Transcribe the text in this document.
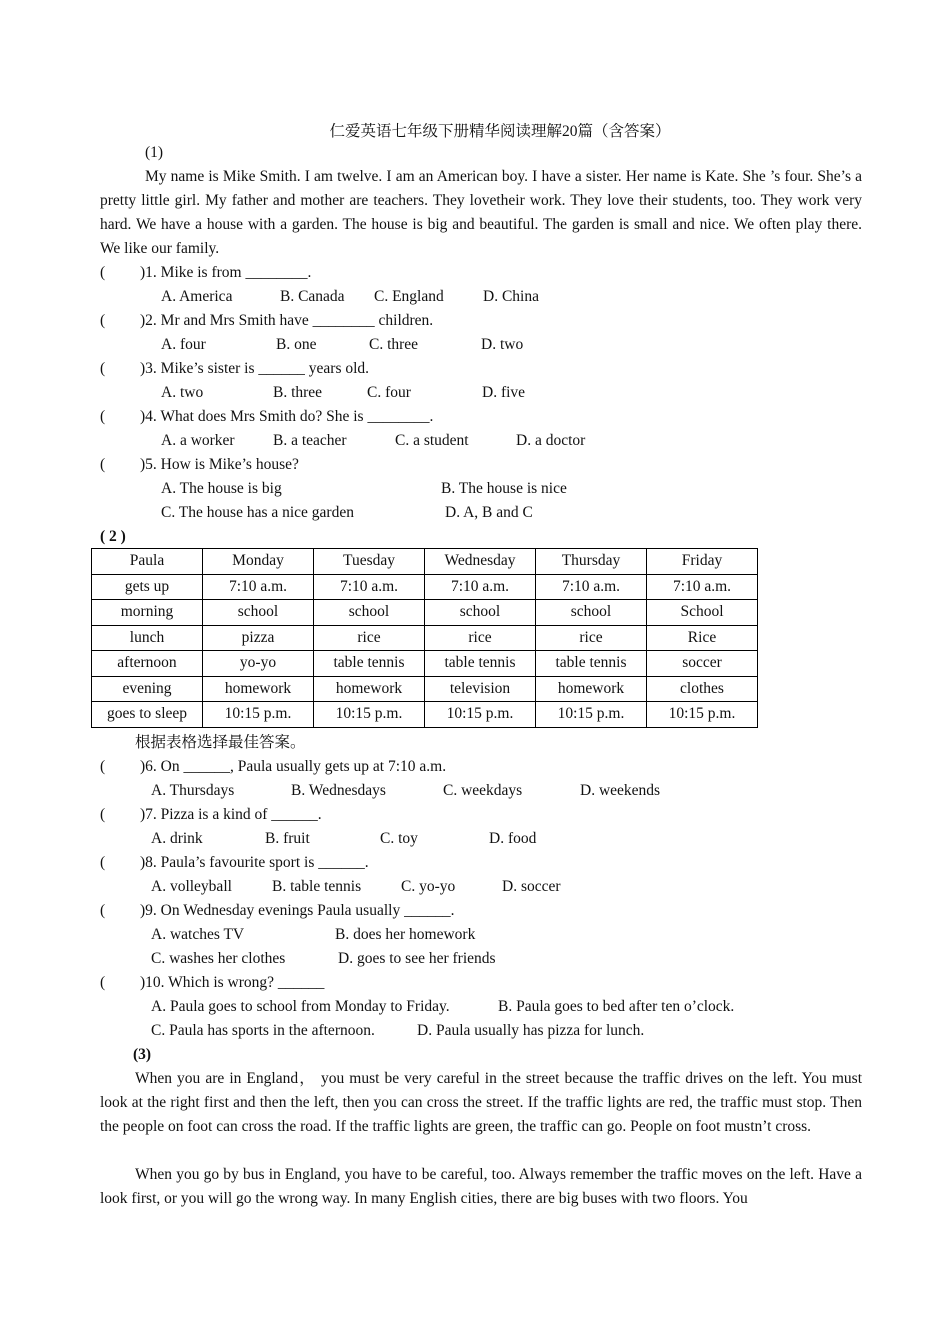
仁爱英语七年级下册精华阅读理解20篇（含答案）
(1)
My name is Mike Smith. I am twelve. I am an American boy. I have a sister. Her name is Kate. She ’s four. She’s a pretty little girl. My father and mother are teachers. They lovetheir work. They love their students, too. They work very hard. We have a house with a garden. The house is big and beautiful. The garden is small and nice. We often play there. We like our family.
( )1. Mike is from ________.
A. America	B. Canada C. England	D. China
( )2. Mr and Mrs Smith have ________ children.
A. four	B. one	C. three	D. two
( )3. Mike’s sister is ______ years old.
A. two	B. three	C. four	D. five
( )4. What does Mrs Smith do? She is ________.
A. a worker B. a teacher	C. a student	D. a doctor
( )5. How is Mike’s house?
A. The house is big	B. The house is nice
C. The house has a nice garden	D. A, B and C
( 2 )
Paula	Monday	Tuesday	Wednesday	Thursday	Friday
gets up	7:10 a.m.	7:10 a.m.	7:10 a.m.	7:10 a.m.	7:10 a.m.
morning	school	school	school	school	School
lunch	pizza	rice	rice	rice	Rice
afternoon	yo-yo	table tennis	table tennis	table tennis	soccer
evening	homework	homework	television	homework	clothes
goes to sleep	10:15 p.m.	10:15 p.m.	10:15 p.m.	10:15 p.m.	10:15 p.m.
根据表格选择最佳答案。
( )6. On ______, Paula usually gets up at 7:10 a.m.
A. Thursdays	B. Wednesdays	C. weekdays	D. weekends
( )7. Pizza is a kind of ______.
A. drink	B. fruit	C. toy	D. food
( )8. Paula’s favourite sport is ______.
A. volleyball	B. table tennis	C. yo-yo	D. soccer
( )9. On Wednesday evenings Paula usually ______.
A. watches TV	B. does her homework
C. washes her clothes	D. goes to see her friends
( )10. Which is wrong? ______
A. Paula goes to school from Monday to Friday.	B. Paula goes to bed after ten o’clock.
C. Paula has sports in the afternoon.	D. Paula usually has pizza for lunch.
(3)
When you are in England， you must be very careful in the street because the traffic drives on the left. You must look at the right first and then the left, then you can cross the street. If the traffic lights are red, the traffic must stop. Then the people on foot can cross the road. If the traffic lights are green, the traffic can go. People on foot mustn’t cross.
When you go by bus in England, you have to be careful, too. Always remember the traffic moves on the left. Have a look first, or you will go the wrong way. In many English cities, there are big buses with two floors. You
